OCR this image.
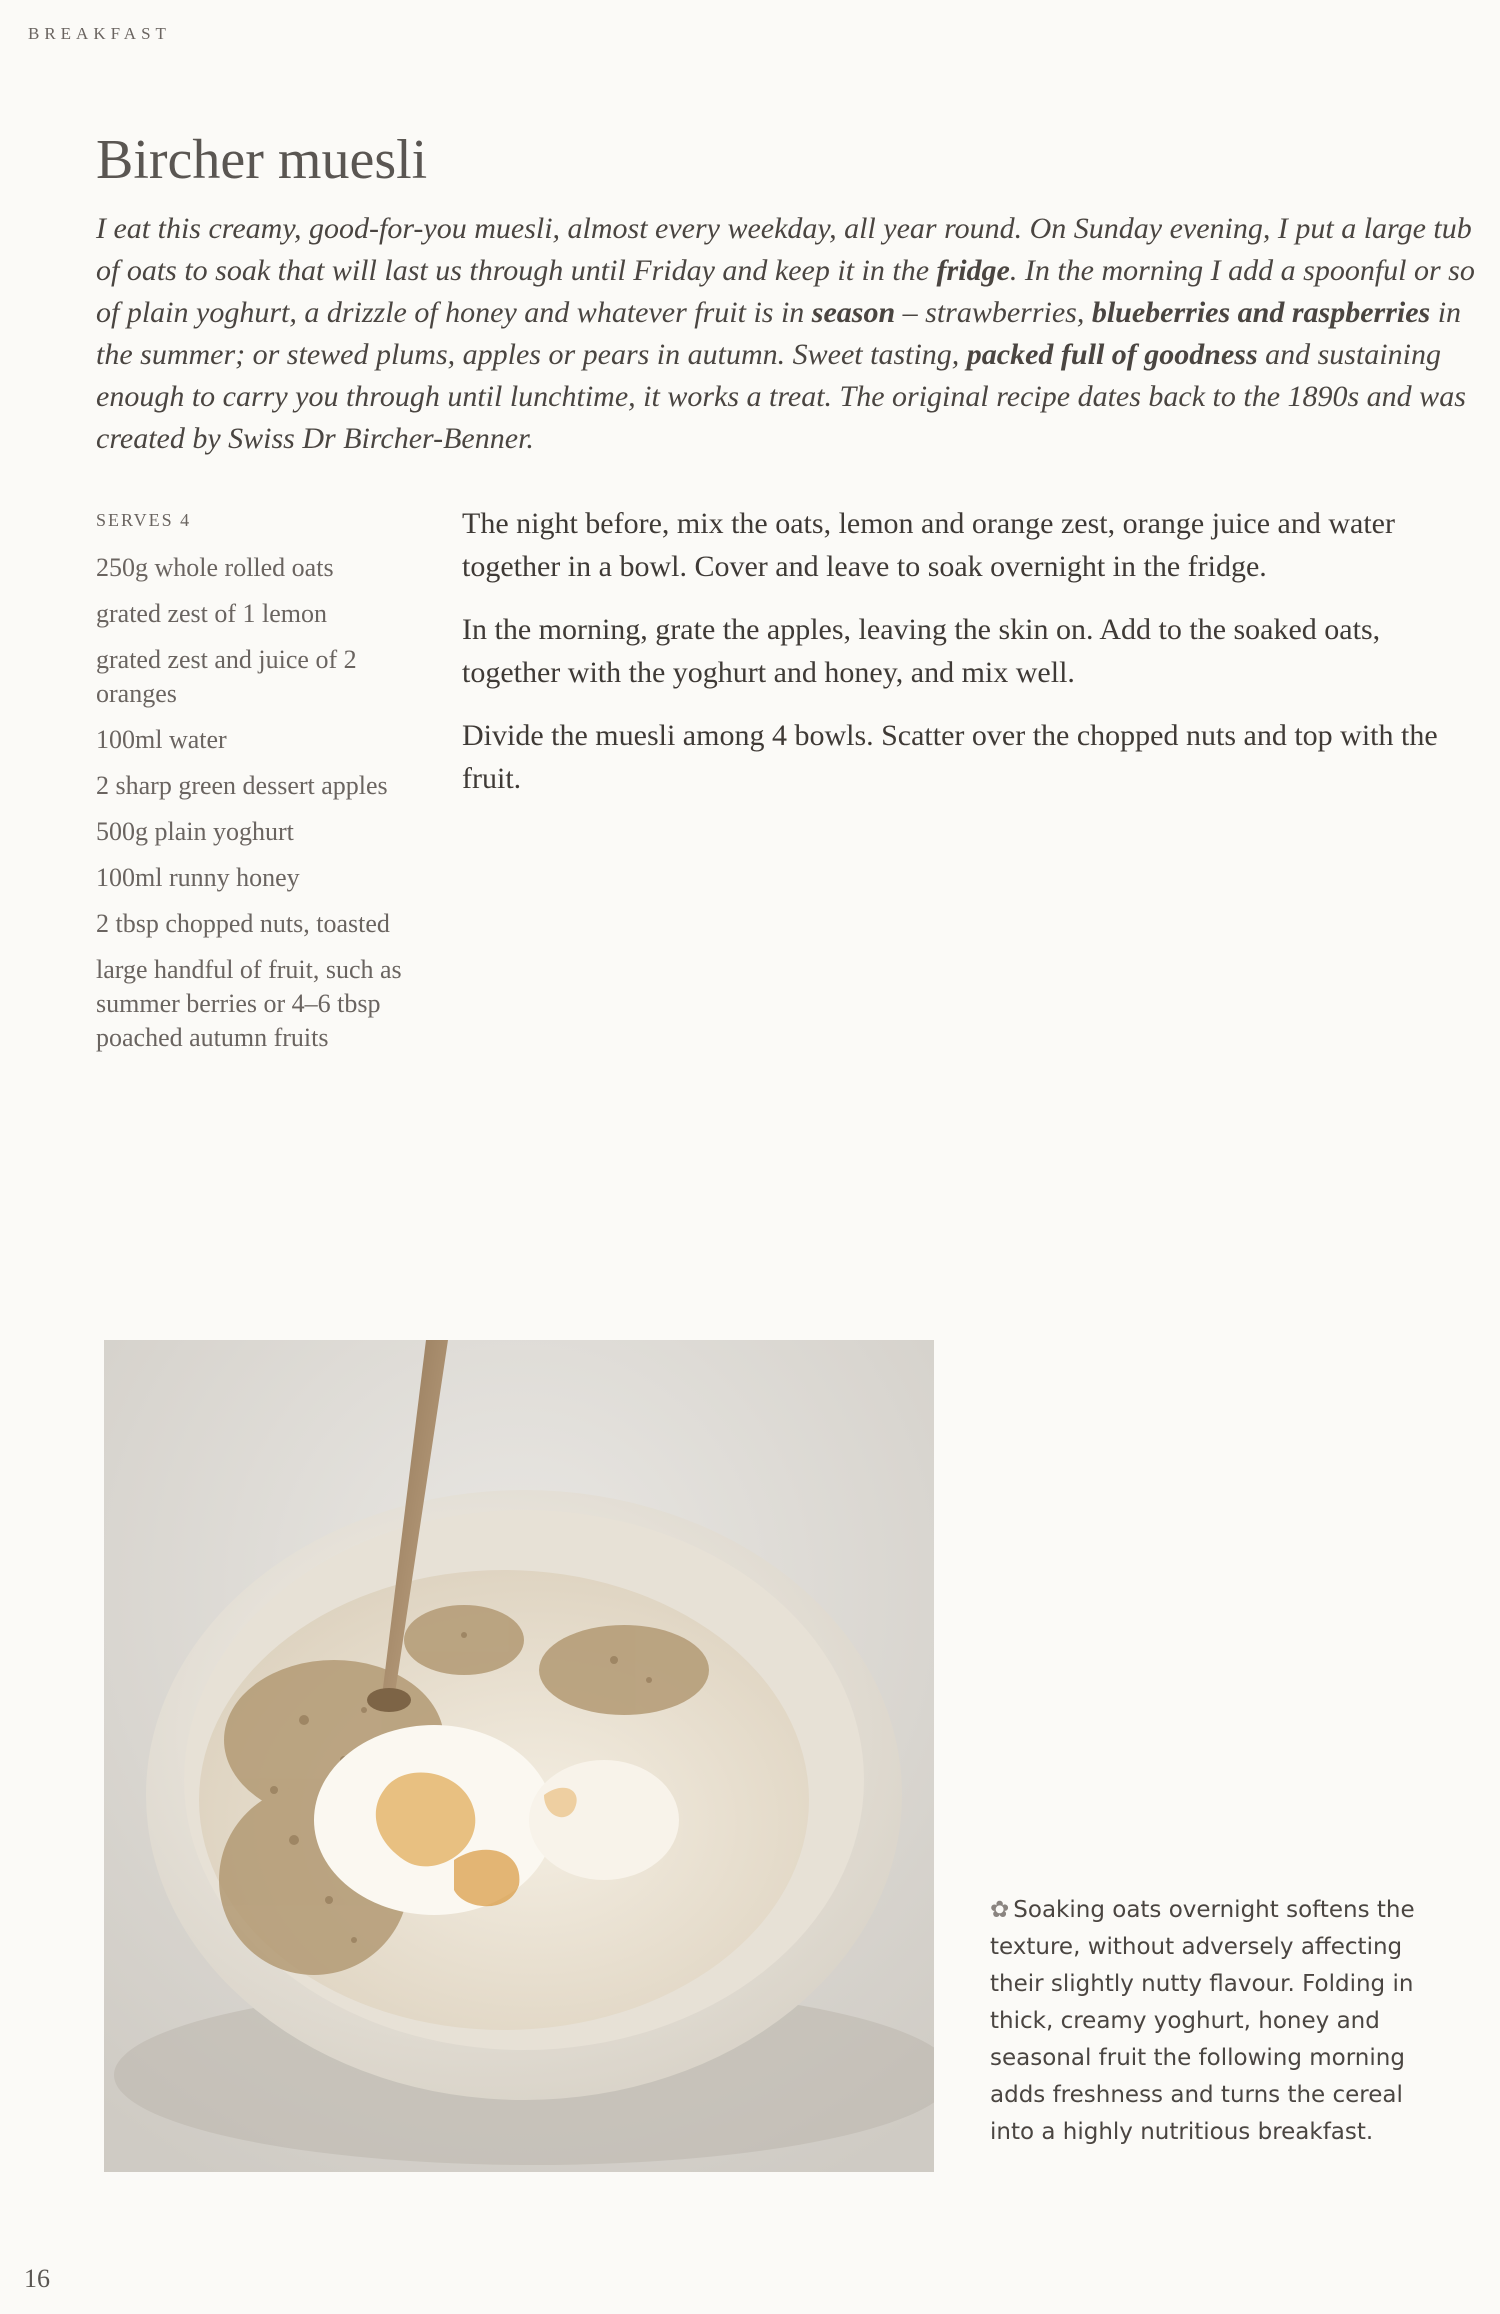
BREAKFAST
Bircher muesli

I eat this creamy, good-for-you muesli, almost every weekday, all year round. On Sunday evening, I put a large tub of oats to soak that will last us through until Friday and keep it in the fridge. In the morning I add a spoonful or so of plain yoghurt, a drizzle of honey and whatever fruit is in season – strawberries, blueberries and raspberries in the summer; or stewed plums, apples or pears in autumn. Sweet tasting, packed full of goodness and sustaining enough to carry you through until lunchtime, it works a treat. The original recipe dates back to the 1890s and was created by Swiss Dr Bircher-Benner.

SERVES 4
250g whole rolled oats
grated zest of 1 lemon
grated zest and juice of 2 oranges
100ml water
2 sharp green dessert apples
500g plain yoghurt
100ml runny honey
2 tbsp chopped nuts, toasted
large handful of fruit, such as summer berries or 4–6 tbsp poached autumn fruits

The night before, mix the oats, lemon and orange zest, orange juice and water together in a bowl. Cover and leave to soak overnight in the fridge.

In the morning, grate the apples, leaving the skin on. Add to the soaked oats, together with the yoghurt and honey, and mix well.

Divide the muesli among 4 bowls. Scatter over the chopped nuts and top with the fruit.

✿ Soaking oats overnight softens the texture, without adversely affecting their slightly nutty flavour. Folding in thick, creamy yoghurt, honey and seasonal fruit the following morning adds freshness and turns the cereal into a highly nutritious breakfast.
16
